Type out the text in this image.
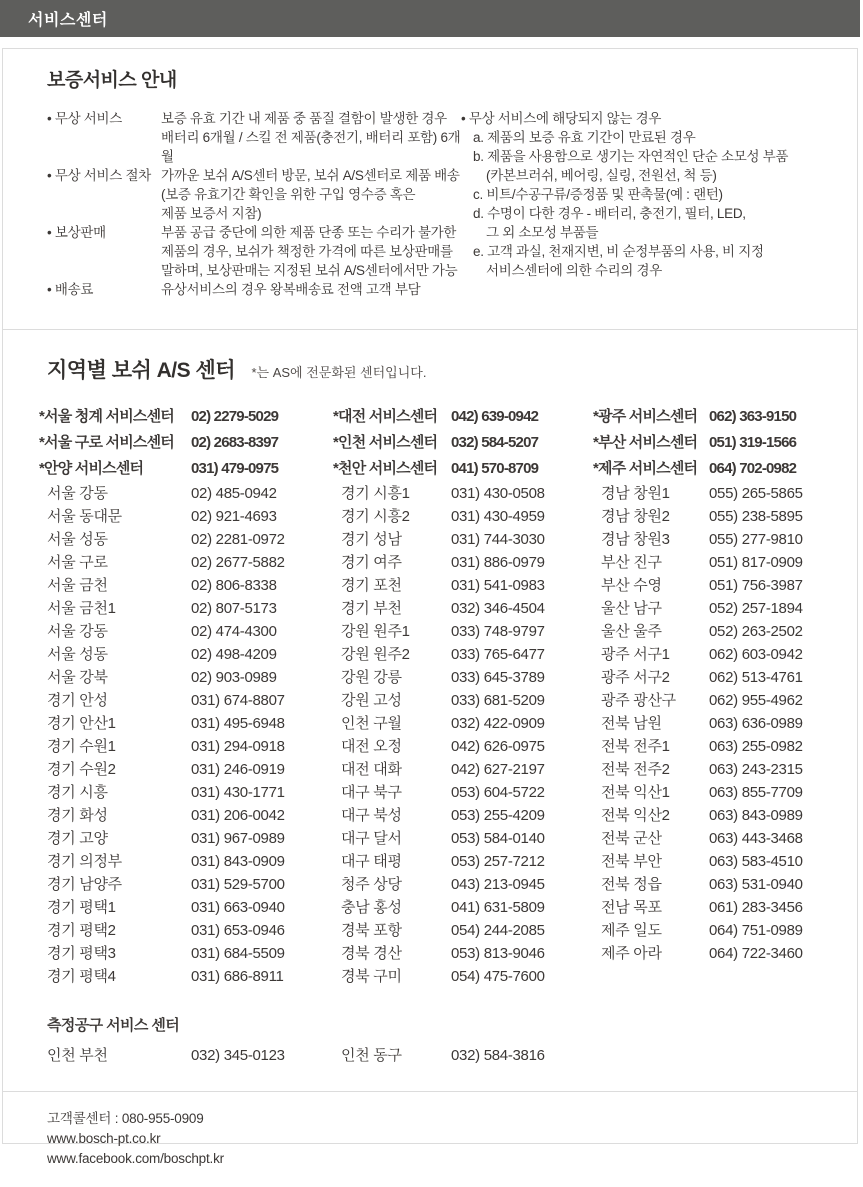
서비스센터
보증서비스 안내
• 무상 서비스	보증 유효 기간 내 제품 중 품질 결함이 발생한 경우
배터리 6개월 / 스킬 전 제품(충전기, 배터리 포함) 6개월
• 무상 서비스 절차 가까운 보쉬 A/S센터 방문, 보쉬 A/S센터로 제품 배송
(보증 유효기간 확인을 위한 구입 영수증 혹은
제품 보증서 지참)
• 보상판매	부품 공급 중단에 의한 제품 단종 또는 수리가 불가한
제품의 경우, 보쉬가 책정한 가격에 따른 보상판매를
말하며, 보상판매는 지정된 보쉬 A/S센터에서만 가능
• 배송료	유상서비스의 경우 왕복배송료 전액 고객 부담
• 무상 서비스에 해당되지 않는 경우
a. 제품의 보증 유효 기간이 만료된 경우
b. 제품을 사용함으로 생기는 자연적인 단순 소모성 부품
(카본브러쉬, 베어링, 실링, 전원선, 척 등)
c. 비트/수공구류/증정품 및 판촉물(예 : 랜턴)
d. 수명이 다한 경우 - 배터리, 충전기, 필터, LED,
그 외 소모성 부품들
e. 고객 과실, 천재지변, 비 순정부품의 사용, 비 지정
서비스센터에 의한 수리의 경우
지역별 보쉬 A/S 센터 *는 AS에 전문화된 센터입니다.
*서울 청계 서비스센터	02) 2279-5029
*서울 구로 서비스센터	02) 2683-8397
*안양 서비스센터	031) 479-0975
서울 강동	02) 485-0942
서울 동대문	02) 921-4693
서울 성동	02) 2281-0972
서울 구로	02) 2677-5882
서울 금천	02) 806-8338
서울 금천1	02) 807-5173
서울 강동	02) 474-4300
서울 성동	02) 498-4209
서울 강북	02) 903-0989
경기 안성	031) 674-8807
경기 안산1	031) 495-6948
경기 수원1	031) 294-0918
경기 수원2	031) 246-0919
경기 시흥	031) 430-1771
경기 화성	031) 206-0042
경기 고양	031) 967-0989
경기 의정부	031) 843-0909
경기 남양주	031) 529-5700
경기 평택1	031) 663-0940
경기 평택2	031) 653-0946
경기 평택3	031) 684-5509
경기 평택4	031) 686-8911
*대전 서비스센터 042) 639-0942
*인천 서비스센터 032) 584-5207
*천안 서비스센터 041) 570-8709
경기 시흥1	031) 430-0508
경기 시흥2	031) 430-4959
경기 성남	031) 744-3030
경기 여주	031) 886-0979
경기 포천	031) 541-0983
경기 부천	032) 346-4504
강원 원주1	033) 748-9797
강원 원주2	033) 765-6477
강원 강릉	033) 645-3789
강원 고성	033) 681-5209
인천 구월	032) 422-0909
대전 오정	042) 626-0975
대전 대화	042) 627-2197
대구 북구	053) 604-5722
대구 북성	053) 255-4209
대구 달서	053) 584-0140
대구 태평	053) 257-7212
청주 상당	043) 213-0945
충남 홍성	041) 631-5809
경북 포항	054) 244-2085
경북 경산	053) 813-9046
경북 구미	054) 475-7600
*광주 서비스센터 062) 363-9150
*부산 서비스센터 051) 319-1566
*제주 서비스센터 064) 702-0982
경남 창원1	055) 265-5865
경남 창원2	055) 238-5895
경남 창원3	055) 277-9810
부산 진구	051) 817-0909
부산 수영	051) 756-3987
울산 남구	052) 257-1894
울산 울주	052) 263-2502
광주 서구1	062) 603-0942
광주 서구2	062) 513-4761
광주 광산구	062) 955-4962
전북 남원	063) 636-0989
전북 전주1	063) 255-0982
전북 전주2	063) 243-2315
전북 익산1	063) 855-7709
전북 익산2	063) 843-0989
전북 군산	063) 443-3468
전북 부안	063) 583-4510
전북 정읍	063) 531-0940
전남 목포	061) 283-3456
제주 일도	064) 751-0989
제주 아라	064) 722-3460
측정공구 서비스 센터
인천 부천	032) 345-0123	인천 동구	032) 584-3816
고객콜센터 : 080-955-0909
www.bosch-pt.co.kr
www.facebook.com/boschpt.kr
